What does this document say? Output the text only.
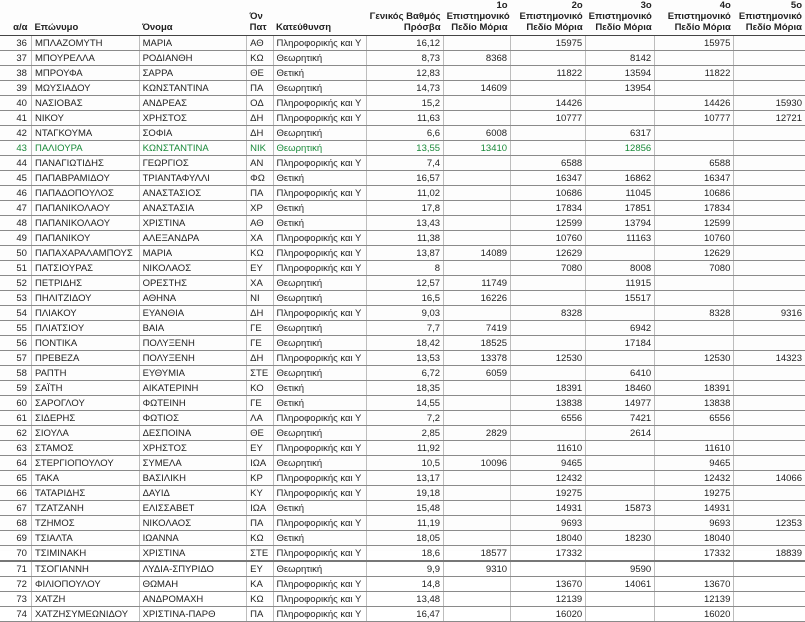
α/α	Επώνυμο	Όνομα	Όν Πατ	Κατεύθυνση	Γενικός Βαθμός Πρόσβα	1ο Επιστημονικό Πεδίο Μόρια	2ο Επιστημονικό Πεδίο Μόρια	3ο Επιστημονικό Πεδίο Μόρια	4ο Επιστημονικό Πεδίο Μόρια	5ο Επιστημονικό Πεδίο Μόρια
36	ΜΠΛΑΖΟΜΥΤΗ	ΜΑΡΙΑ	ΑΘ	Πληροφορικής και Υ	16,12		15975		15975	
37	ΜΠΟΥΡΕΛΛΑ	ΡΟΔΙΑΝΘΗ	ΚΩ	Θεωρητική	8,73	8368		8142		
38	ΜΠΡΟΥΦΑ	ΣΑΡΡΑ	ΘΕ	Θετική	12,83		11822	13594	11822	
39	ΜΩΥΣΙΑΔΟΥ	ΚΩΝΣΤΑΝΤΙΝΑ	ΠΑ	Θεωρητική	14,73	14609		13954		
40	ΝΑΣΙΟΒΑΣ	ΑΝΔΡΕΑΣ	ΟΔ	Πληροφορικής και Υ	15,2		14426		14426	15930
41	ΝΙΚΟΥ	ΧΡΗΣΤΟΣ	ΔΗ	Πληροφορικής και Υ	11,63		10777		10777	12721
42	ΝΤΑΓΚΟΥΜΑ	ΣΟΦΙΑ	ΔΗ	Θεωρητική	6,6	6008		6317		
43	ΠΑΛΙΟΥΡΑ	ΚΩΝΣΤΑΝΤΙΝΑ	ΝΙΚ	Θεωρητική	13,55	13410		12856		
44	ΠΑΝΑΓΙΩΤΙΔΗΣ	ΓΕΩΡΓΙΟΣ	ΑΝ	Πληροφορικής και Υ	7,4		6588		6588	
45	ΠΑΠΑΒΡΑΜΙΔΟΥ	ΤΡΙΑΝΤΑΦΥΛΛΙ	ΦΩ	Θετική	16,57		16347	16862	16347	
46	ΠΑΠΑΔΟΠΟΥΛΟΣ	ΑΝΑΣΤΑΣΙΟΣ	ΠΑ	Πληροφορικής και Υ	11,02		10686	11045	10686	
47	ΠΑΠΑΝΙΚΟΛΑΟΥ	ΑΝΑΣΤΑΣΙΑ	ΧΡ	Θετική	17,8		17834	17851	17834	
48	ΠΑΠΑΝΙΚΟΛΑΟΥ	ΧΡΙΣΤΙΝΑ	ΑΘ	Θετική	13,43		12599	13794	12599	
49	ΠΑΠΑΝΙΚΟΥ	ΑΛΕΞΑΝΔΡΑ	ΧΑ	Πληροφορικής και Υ	11,38		10760	11163	10760	
50	ΠΑΠΑΧΑΡΑΛΑΜΠΟΥΣ	ΜΑΡΙΑ	ΚΩ	Πληροφορικής και Υ	13,87	14089	12629		12629	
51	ΠΑΤΣΙΟΥΡΑΣ	ΝΙΚΟΛΑΟΣ	ΕΥ	Πληροφορικής και Υ	8		7080	8008	7080	
52	ΠΕΤΡΙΔΗΣ	ΟΡΕΣΤΗΣ	ΧΑ	Θεωρητική	12,57	11749		11915		
53	ΠΗΛΙΤΖΙΔΟΥ	ΑΘΗΝΑ	ΝΙ	Θεωρητική	16,5	16226		15517		
54	ΠΛΙΑΚΟΥ	ΕΥΑΝΘΙΑ	ΔΗ	Πληροφορικής και Υ	9,03		8328		8328	9316
55	ΠΛΙΑΤΣΙΟΥ	ΒΑΙΑ	ΓΕ	Θεωρητική	7,7	7419		6942		
56	ΠΟΝΤΙΚΑ	ΠΟΛΥΞΕΝΗ	ΓΕ	Θεωρητική	18,42	18525		17184		
57	ΠΡΕΒΕΖΑ	ΠΟΛΥΞΕΝΗ	ΔΗ	Πληροφορικής και Υ	13,53	13378	12530		12530	14323
58	ΡΑΠΤΗ	ΕΥΘΥΜΙΑ	ΣΤΕ	Θεωρητική	6,72	6059		6410		
59	ΣΑΪΤΗ	ΑΙΚΑΤΕΡΙΝΗ	ΚΟ	Θετική	18,35		18391	18460	18391	
60	ΣΑΡΟΓΛΟΥ	ΦΩΤΕΙΝΗ	ΓΕ	Θετική	14,55		13838	14977	13838	
61	ΣΙΔΕΡΗΣ	ΦΩΤΙΟΣ	ΛΑ	Πληροφορικής και Υ	7,2		6556	7421	6556	
62	ΣΙΟΥΛΑ	ΔΕΣΠΟΙΝΑ	ΘΕ	Θεωρητική	2,85	2829		2614		
63	ΣΤΑΜΟΣ	ΧΡΗΣΤΟΣ	ΕΥ	Πληροφορικής και Υ	11,92		11610		11610	
64	ΣΤΕΡΓΙΟΠΟΥΛΟΥ	ΣΥΜΕΛΑ	ΙΩΑ	Θεωρητική	10,5	10096	9465		9465	
65	ΤΑΚΑ	ΒΑΣΙΛΙΚΗ	ΚΡ	Πληροφορικής και Υ	13,17		12432		12432	14066
66	ΤΑΤΑΡΙΔΗΣ	ΔΑΥΙΔ	ΚΥ	Πληροφορικής και Υ	19,18		19275		19275	
67	ΤΖΑΤΖΑΝΗ	ΕΛΙΣΣΑΒΕΤ	ΙΩΑ	Θετική	15,48		14931	15873	14931	
68	ΤΖΗΜΟΣ	ΝΙΚΟΛΑΟΣ	ΠΑ	Πληροφορικής και Υ	11,19		9693		9693	12353
69	ΤΣΙΑΛΤΑ	ΙΩΑΝΝΑ	ΚΩ	Θετική	18,05		18040	18230	18040	
70	ΤΣΙΜΙΝΑΚΗ	ΧΡΙΣΤΙΝΑ	ΣΤΕ	Πληροφορικής και Υ	18,6	18577	17332		17332	18839
71	ΤΣΟΓΙΑΝΝΗ	ΛΥΔΙΑ-ΣΠΥΡΙΔΟ	ΕΥ	Θεωρητική	9,9	9310		9590		
72	ΦΙΛΙΟΠΟΥΛΟΥ	ΘΩΜΑΗ	ΚΑ	Πληροφορικής και Υ	14,8		13670	14061	13670	
73	ΧΑΤΖΗ	ΑΝΔΡΟΜΑΧΗ	ΚΩ	Πληροφορικής και Υ	13,48		12139		12139	
74	ΧΑΤΖΗΣΥΜΕΩΝΙΔΟΥ	ΧΡΙΣΤΙΝΑ-ΠΑΡΘ	ΠΑ	Πληροφορικής και Υ	16,47		16020		16020	
